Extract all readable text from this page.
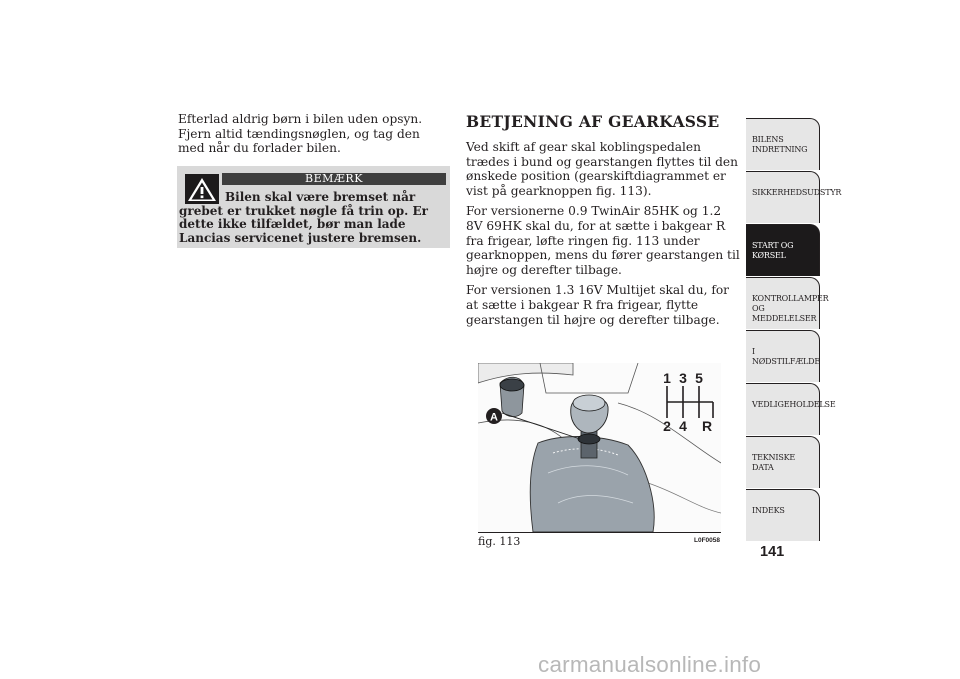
Efterlad aldrig børn i bilen uden opsyn. Fjern altid tændingsnøglen, og tag den med når du forlader bilen.
BEMÆRK
Bilen skal være bremset når grebet er trukket nøgle få trin op. Er dette ikke tilfældet, bør man lade Lancias servicenet justere bremsen.
BETJENING AF GEARKASSE

Ved skift af gear skal koblingspedalen trædes i bund og gearstangen flyttes til den ønskede position (gearskiftdiagrammet er vist på gearknoppen fig. 113).

For versionerne 0.9 TwinAir 85HK og 1.2 8V 69HK skal du, for at sætte i bakgear R fra frigear, løfte ringen fig. 113 under gearknoppen, mens du fører gearstangen til højre og derefter tilbage.

For versionen 1.3 16V Multijet skal du, for at sætte i bakgear R fra frigear, flytte gearstangen til højre og derefter tilbage.

A
1 3 5
2 4 R
fig. 113	L0F0058
BILENS
INDRETNING
SIKKERHEDSUDSTYR
START OG KØRSEL
KONTROLLAMPER
OG MEDDELELSER
I NØDSTILFÆLDE
VEDLIGEHOLDELSE
TEKNISKE DATA
INDEKS
141
carmanualsonline.info
